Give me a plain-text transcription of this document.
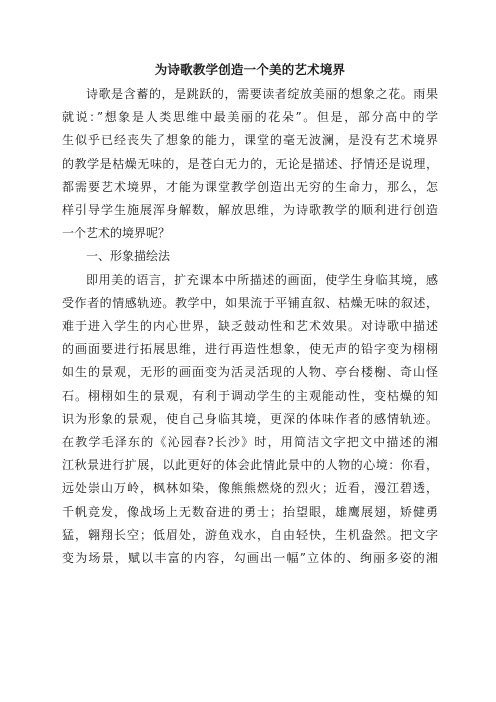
为诗歌教学创造一个美的艺术境界
诗歌是含蓄的，是跳跃的，需要读者绽放美丽的想象之花。雨果
就说：”想象是人类思维中最美丽的花朵”。但是，部分高中的学
生似乎已经丧失了想象的能力，课堂的毫无波澜，是没有艺术境界
的教学是枯燥无味的，是苍白无力的，无论是描述、抒情还是说理，
都需要艺术境界，才能为课堂教学创造出无穷的生命力，那么，怎
样引导学生施展浑身解数，解放思维，为诗歌教学的顺利进行创造
一个艺术的境界呢？
一、形象描绘法
即用美的语言，扩充课本中所描述的画面，使学生身临其境，感
受作者的情感轨迹。教学中，如果流于平铺直叙、枯燥无味的叙述，
难于进入学生的内心世界，缺乏鼓动性和艺术效果。对诗歌中描述
的画面要进行拓展思维，进行再造性想象，使无声的铅字变为栩栩
如生的景观，无形的画面变为活灵活现的人物、亭台楼榭、奇山怪
石。栩栩如生的景观，有利于调动学生的主观能动性，变枯燥的知
识为形象的景观，使自己身临其境，更深的体味作者的感情轨迹。
在教学毛泽东的《沁园春?长沙》时，用简洁文字把文中描述的湘
江秋景进行扩展，以此更好的体会此情此景中的人物的心境：你看，
远处崇山万岭，枫林如染，像熊熊燃烧的烈火；近看，漫江碧透，
千帆竞发，像战场上无数奋进的勇士；抬望眼，雄鹰展翅，矫健勇
猛，翱翔长空；低眉处，游鱼戏水，自由轻快，生机盎然。把文字
变为场景，赋以丰富的内容，勾画出一幅”立体的、绚丽多姿的湘
